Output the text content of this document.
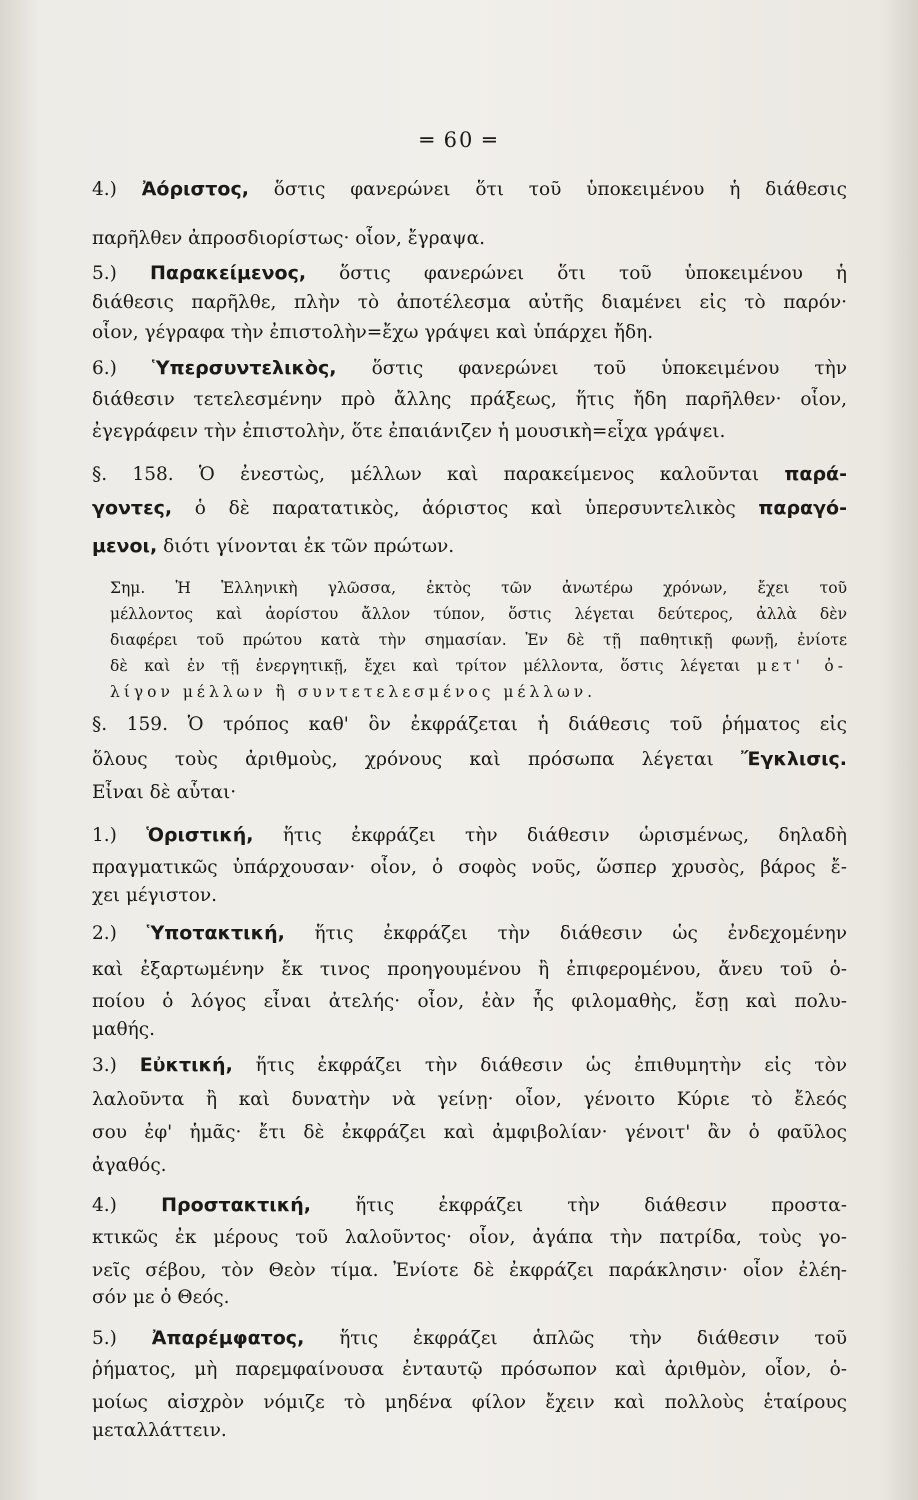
═ 60 ═
4.) Ἀόριστος, ὅστις φανερώνει ὅτι τοῦ ὑποκειμένου ἡ διάθεσις
παρῆλθεν ἀπροσδιορίστως· οἷον, ἔγραψα.
5.) Παρακείμενος, ὅστις φανερώνει ὅτι τοῦ ὑποκειμένου ἡ
διάθεσις παρῆλθε, πλὴν τὸ ἀποτέλεσμα αὐτῆς διαμένει εἰς τὸ παρόν·
οἷον, γέγραφα τὴν ἐπιστολὴν=ἔχω γράψει καὶ ὑπάρχει ἤδη.
6.) Ὑπερσυντελικὸς, ὅστις φανερώνει τοῦ ὑποκειμένου τὴν
διάθεσιν τετελεσμένην πρὸ ἄλλης πράξεως, ἥτις ἤδη παρῆλθεν· οἷον,
ἐγεγράφειν τὴν ἐπιστολὴν, ὅτε ἐπαιάνιζεν ἡ μουσικὴ=εἶχα γράψει.
§. 158. Ὁ ἐνεστὼς, μέλλων καὶ παρακείμενος καλοῦνται παρά-
γοντες, ὁ δὲ παρατατικὸς, ἀόριστος καὶ ὑπερσυντελικὸς παραγό-
μενοι, διότι γίνονται ἐκ τῶν πρώτων.
Σημ. Ἡ Ἑλληνικὴ γλῶσσα, ἐκτὸς τῶν ἀνωτέρω χρόνων, ἔχει τοῦ
μέλλοντος καὶ ἀορίστου ἄλλον τύπον, ὅστις λέγεται δεύτερος, ἀλλὰ δὲν
διαφέρει τοῦ πρώτου κατὰ τὴν σημασίαν. Ἐν δὲ τῇ παθητικῇ φωνῇ, ἐνίοτε
δὲ καὶ ἐν τῇ ἐνεργητικῇ, ἔχει καὶ τρίτον μέλλοντα, ὅστις λέγεται μετ' ὀ-
λίγον μέλλων ἢ συντετελεσμένος μέλλων.
§. 159. Ὁ τρόπος καθ' ὃν ἐκφράζεται ἡ διάθεσις τοῦ ῥήματος εἰς
ὅλους τοὺς ἀριθμοὺς, χρόνους καὶ πρόσωπα λέγεται Ἔγκλισις.
Εἶναι δὲ αὗται·
1.) Ὁριστική, ἥτις ἐκφράζει τὴν διάθεσιν ὡρισμένως, δηλαδὴ
πραγματικῶς ὑπάρχουσαν· οἷον, ὁ σοφὸς νοῦς, ὥσπερ χρυσὸς, βάρος ἔ-
χει μέγιστον.
2.) Ὑποτακτική, ἥτις ἐκφράζει τὴν διάθεσιν ὡς ἐνδεχομένην
καὶ ἐξαρτωμένην ἔκ τινος προηγουμένου ἢ ἐπιφερομένου, ἄνευ τοῦ ὁ-
ποίου ὁ λόγος εἶναι ἀτελής· οἷον, ἐὰν ἧς φιλομαθὴς, ἔσῃ καὶ πολυ-
μαθής.
3.) Εὐκτική, ἥτις ἐκφράζει τὴν διάθεσιν ὡς ἐπιθυμητὴν εἰς τὸν
λαλοῦντα ἢ καὶ δυνατὴν νὰ γείνῃ· οἷον, γένοιτο Κύριε τὸ ἔλεός
σου ἐφ' ἡμᾶς· ἔτι δὲ ἐκφράζει καὶ ἀμφιβολίαν· γένοιτ' ἂν ὁ φαῦλος
ἀγαθός.
4.) Προστακτική, ἥτις ἐκφράζει τὴν διάθεσιν προστα-
κτικῶς ἐκ μέρους τοῦ λαλοῦντος· οἷον, ἀγάπα τὴν πατρίδα, τοὺς γο-
νεῖς σέβου, τὸν Θεὸν τίμα. Ἐνίοτε δὲ ἐκφράζει παράκλησιν· οἷον ἐλέη-
σόν με ὁ Θεός.
5.) Ἀπαρέμφατος, ἥτις ἐκφράζει ἁπλῶς τὴν διάθεσιν τοῦ
ῥήματος, μὴ παρεμφαίνουσα ἐνταυτῷ πρόσωπον καὶ ἀριθμὸν, οἷον, ὁ-
μοίως αἰσχρὸν νόμιζε τὸ μηδένα φίλον ἔχειν καὶ πολλοὺς ἑταίρους
μεταλλάττειν.
